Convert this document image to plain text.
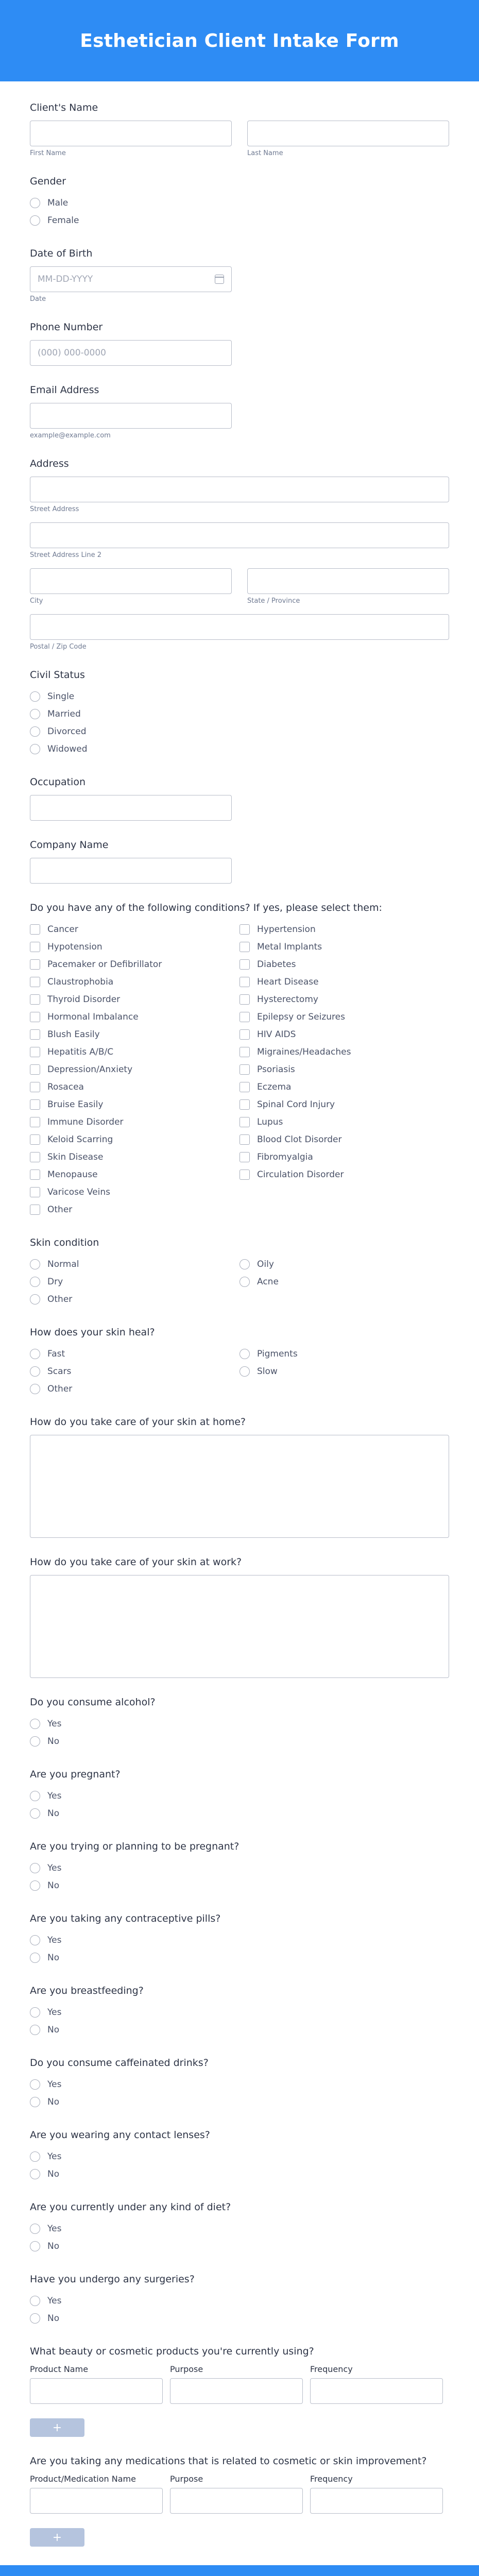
Esthetician Client Intake Form
Client's Name
First Name	Last Name
Gender
Male
Female
Date of Birth
MM-DD-YYYY
Date
Phone Number
(000) 000-0000
Email Address
example@example.com
Address
Street Address
Street Address Line 2
City	State / Province
Postal / Zip Code
Civil Status
Single
Married
Divorced
Widowed
Occupation
Company Name
Do you have any of the following conditions? If yes, please select them:
Cancer
Hypotension
Pacemaker or Defibrillator
Claustrophobia
Thyroid Disorder
Hormonal Imbalance
Blush Easily
Hepatitis A/B/C
Depression/Anxiety
Rosacea
Bruise Easily
Immune Disorder
Keloid Scarring
Skin Disease
Menopause
Varicose Veins
Other
Hypertension
Metal Implants
Diabetes
Heart Disease
Hysterectomy
Epilepsy or Seizures
HIV AIDS
Migraines/Headaches
Psoriasis
Eczema
Spinal Cord Injury
Lupus
Blood Clot Disorder
Fibromyalgia
Circulation Disorder
Skin condition
Normal
Dry
Other
Oily
Acne
How does your skin heal?
Fast
Scars
Other
Pigments
Slow
How do you take care of your skin at home?
How do you take care of your skin at work?
Do you consume alcohol?
Yes
No
Are you pregnant?
Yes
No
Are you trying or planning to be pregnant?
Yes
No
Are you taking any contraceptive pills?
Yes
No
Are you breastfeeding?
Yes
No
Do you consume caffeinated drinks?
Yes
No
Are you wearing any contact lenses?
Yes
No
Are you currently under any kind of diet?
Yes
No
Have you undergo any surgeries?
Yes
No
What beauty or cosmetic products you're currently using?
Product Name	Purpose	Frequency
+
Are you taking any medications that is related to cosmetic or skin improvement?
Product/Medication Name	Purpose	Frequency
+
